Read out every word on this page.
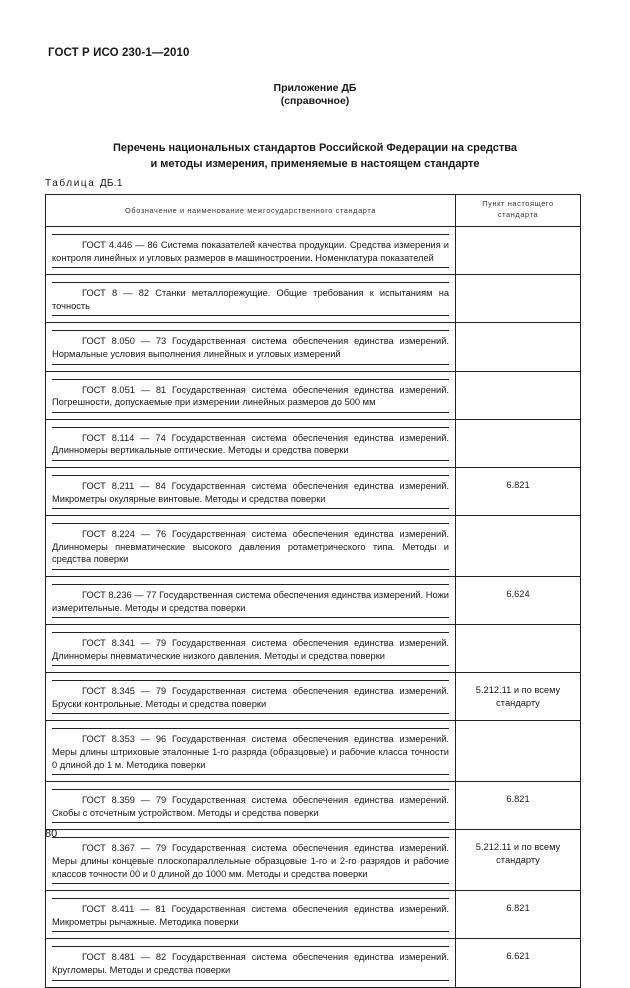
ГОСТ Р ИСО 230-1—2010
Приложение ДБ
(справочное)
Перечень национальных стандартов Российской Федерации на средства
и методы измерения, применяемые в настоящем стандарте
Таблица ДБ.1
Обозначение и наименование межгосударственного стандарта	Пункт настоящего
стандарта

ГОСТ 4.446 — 86 Система показателей качества продукции. Средства измерения и контроля линейных и угловых размеров в машиностроении. Номенклатура показателей	

ГОСТ 8 — 82 Станки металлорежущие. Общие требования к испытаниям на точность	

ГОСТ 8.050 — 73 Государственная система обеспечения единства измерений. Нормальные условия выполнения линейных и угловых измерений	

ГОСТ 8.051 — 81 Государственная система обеспечения единства измерений. Погрешности, допускаемые при измерении линейных размеров до 500 мм	

ГОСТ 8.114 — 74 Государственная система обеспечения единства измерений. Длинномеры вертикальные оптические. Методы и средства поверки	

ГОСТ 8.211 — 84 Государственная система обеспечения единства измерений. Микрометры окулярные винтовые. Методы и средства поверки	6.821

ГОСТ 8.224 — 76 Государственная система обеспечения единства измерений. Длинномеры пневматические высокого давления ротаметрического типа. Методы и средства поверки	

ГОСТ 8.236 — 77 Государственная система обеспечения единства измерений. Ножи измерительные. Методы и средства поверки	6.624

ГОСТ 8.341 — 79 Государственная система обеспечения единства измерений. Длинномеры пневматические низкого давления. Методы и средства поверки	

ГОСТ 8.345 — 79 Государственная система обеспечения единства измерений. Бруски контрольные. Методы и средства поверки	5.212.11 и по всему стандарту

ГОСТ 8.353 — 96 Государственная система обеспечения единства измерений. Меры длины штриховые эталонные 1-го разряда (образцовые) и рабочие класса точности 0 длиной до 1 м. Методика поверки	

ГОСТ 8.359 — 79 Государственная система обеспечения единства измерений. Скобы с отсчетным устройством. Методы и средства поверки	6.821

ГОСТ 8.367 — 79 Государственная система обеспечения единства измерений. Меры длины концевые плоскопараллельные образцовые 1-го и 2-го разрядов и рабочие классов точности 00 и 0 длиной до 1000 мм. Методы и средства поверки	5.212.11 и по всему стандарту

ГОСТ 8.411 — 81 Государственная система обеспечения единства измерений. Микрометры рычажные. Методика поверки	6.821

ГОСТ 8.481 — 82 Государственная система обеспечения единства измерений. Кругломеры. Методы и средства поверки	6.621
80
